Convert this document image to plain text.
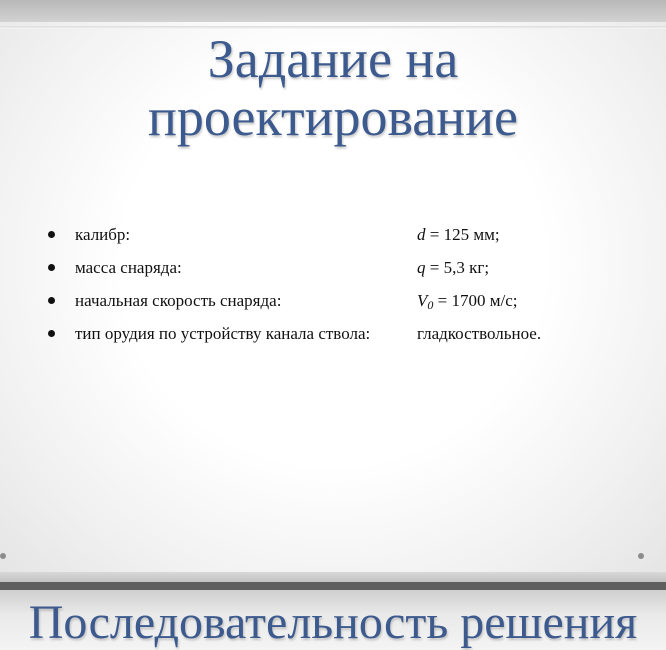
Задание на
проектирование
калибр:	d = 125 мм;
масса снаряда:	q = 5,3 кг;
начальная скорость снаряда:	$V_0 = 1700$ м/с;
тип орудия по устройству канала ствола:	гладкоствольное.
Последовательность решения
